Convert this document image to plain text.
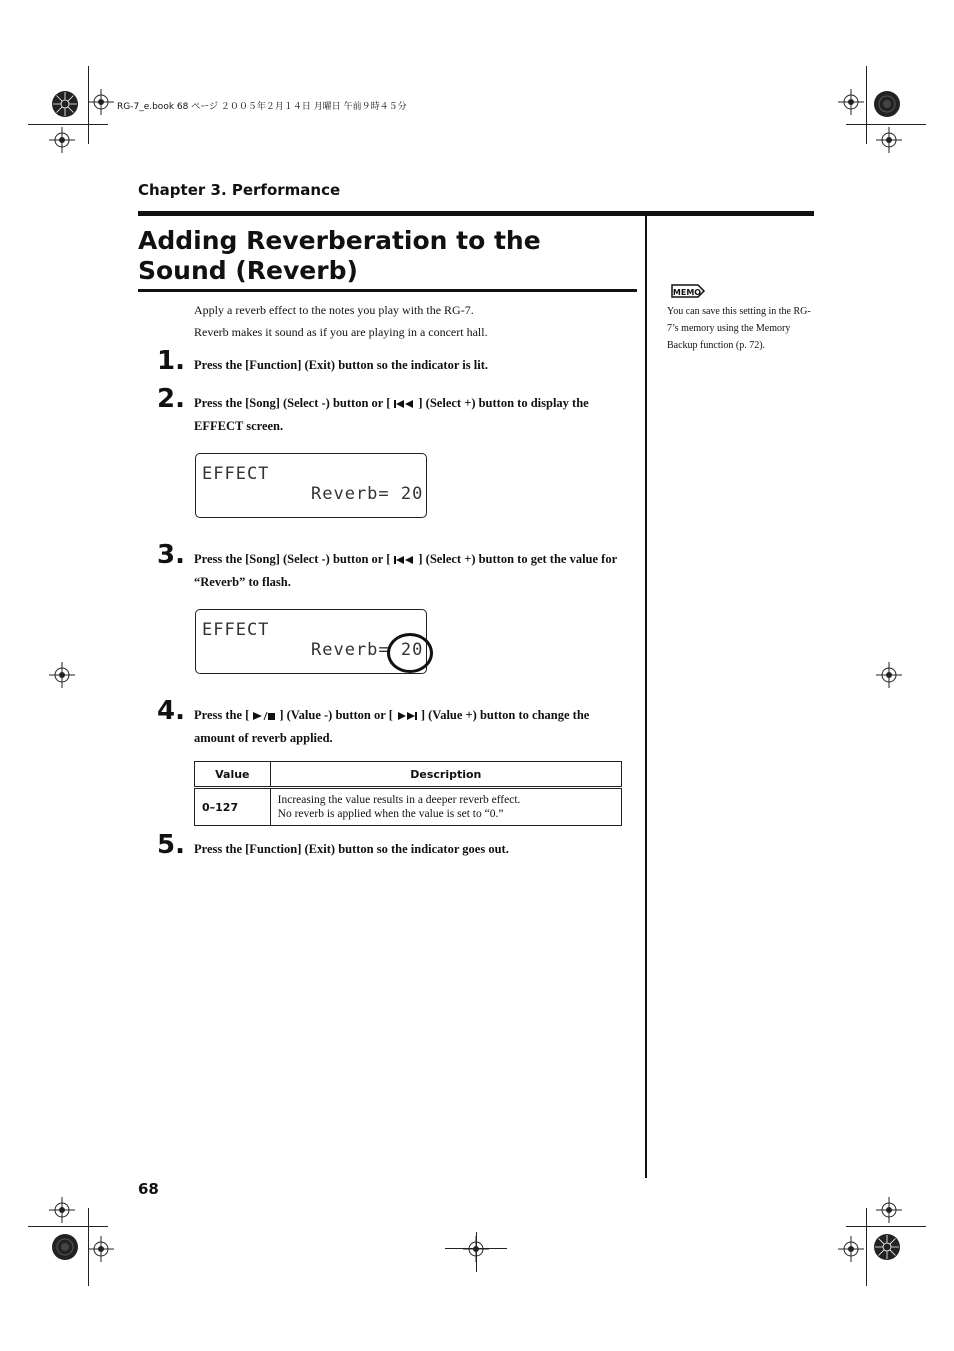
RG-7_e.book 68 ページ ２００５年２月１４日 月曜日 午前９時４５分
Chapter 3. Performance
Adding Reverberation to the Sound (Reverb)
Apply a reverb effect to the notes you play with the RG-7.
Reverb makes it sound as if you are playing in a concert hall.
1. Press the [Function] (Exit) button so the indicator is lit.
2. Press the [Song] (Select -) button or [ ] (Select +) button to display the EFFECT screen.
EFFECT
Reverb= 20
3. Press the [Song] (Select -) button or [ ] (Select +) button to get the value for “Reverb” to flash.
EFFECT
Reverb= 20
4. Press the [ ] (Value -) button or [ ] (Value +) button to change the amount of reverb applied.
Value	Description
0–127	Increasing the value results in a deeper reverb effect.
No reverb is applied when the value is set to “0.”
5. Press the [Function] (Exit) button so the indicator goes out.
MEMO
You can save this setting in the RG-7’s memory using the Memory Backup function (p. 72).
68
